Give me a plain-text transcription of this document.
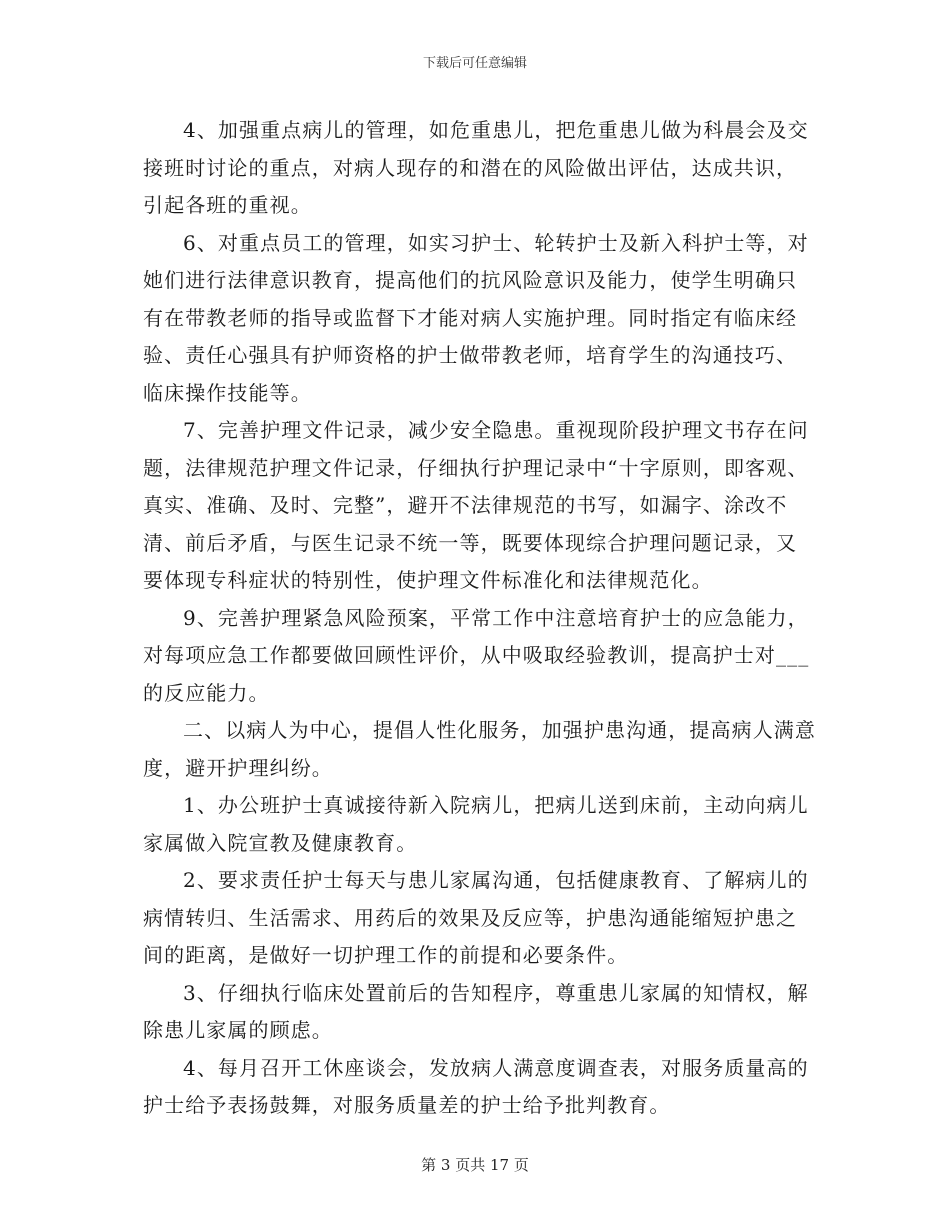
下载后可任意编辑

4、加强重点病儿的管理，如危重患儿，把危重患儿做为科晨会及交接班时讨论的重点，对病人现存的和潜在的风险做出评估，达成共识，引起各班的重视。

6、对重点员工的管理，如实习护士、轮转护士及新入科护士等，对她们进行法律意识教育，提高他们的抗风险意识及能力，使学生明确只有在带教老师的指导或监督下才能对病人实施护理。同时指定有临床经验、责任心强具有护师资格的护士做带教老师，培育学生的沟通技巧、临床操作技能等。

7、完善护理文件记录，减少安全隐患。重视现阶段护理文书存在问题，法律规范护理文件记录，仔细执行护理记录中“十字原则，即客观、真实、准确、及时、完整”，避开不法律规范的书写，如漏字、涂改不清、前后矛盾，与医生记录不统一等，既要体现综合护理问题记录，又要体现专科症状的特别性，使护理文件标准化和法律规范化。

9、完善护理紧急风险预案，平常工作中注意培育护士的应急能力，对每项应急工作都要做回顾性评价，从中吸取经验教训，提高护士对___的反应能力。

二、以病人为中心，提倡人性化服务，加强护患沟通，提高病人满意度，避开护理纠纷。

1、办公班护士真诚接待新入院病儿，把病儿送到床前，主动向病儿家属做入院宣教及健康教育。

2、要求责任护士每天与患儿家属沟通，包括健康教育、了解病儿的病情转归、生活需求、用药后的效果及反应等，护患沟通能缩短护患之间的距离，是做好一切护理工作的前提和必要条件。

3、仔细执行临床处置前后的告知程序，尊重患儿家属的知情权，解除患儿家属的顾虑。

4、每月召开工休座谈会，发放病人满意度调查表，对服务质量高的护士给予表扬鼓舞，对服务质量差的护士给予批判教育。

第 3 页共 17 页
